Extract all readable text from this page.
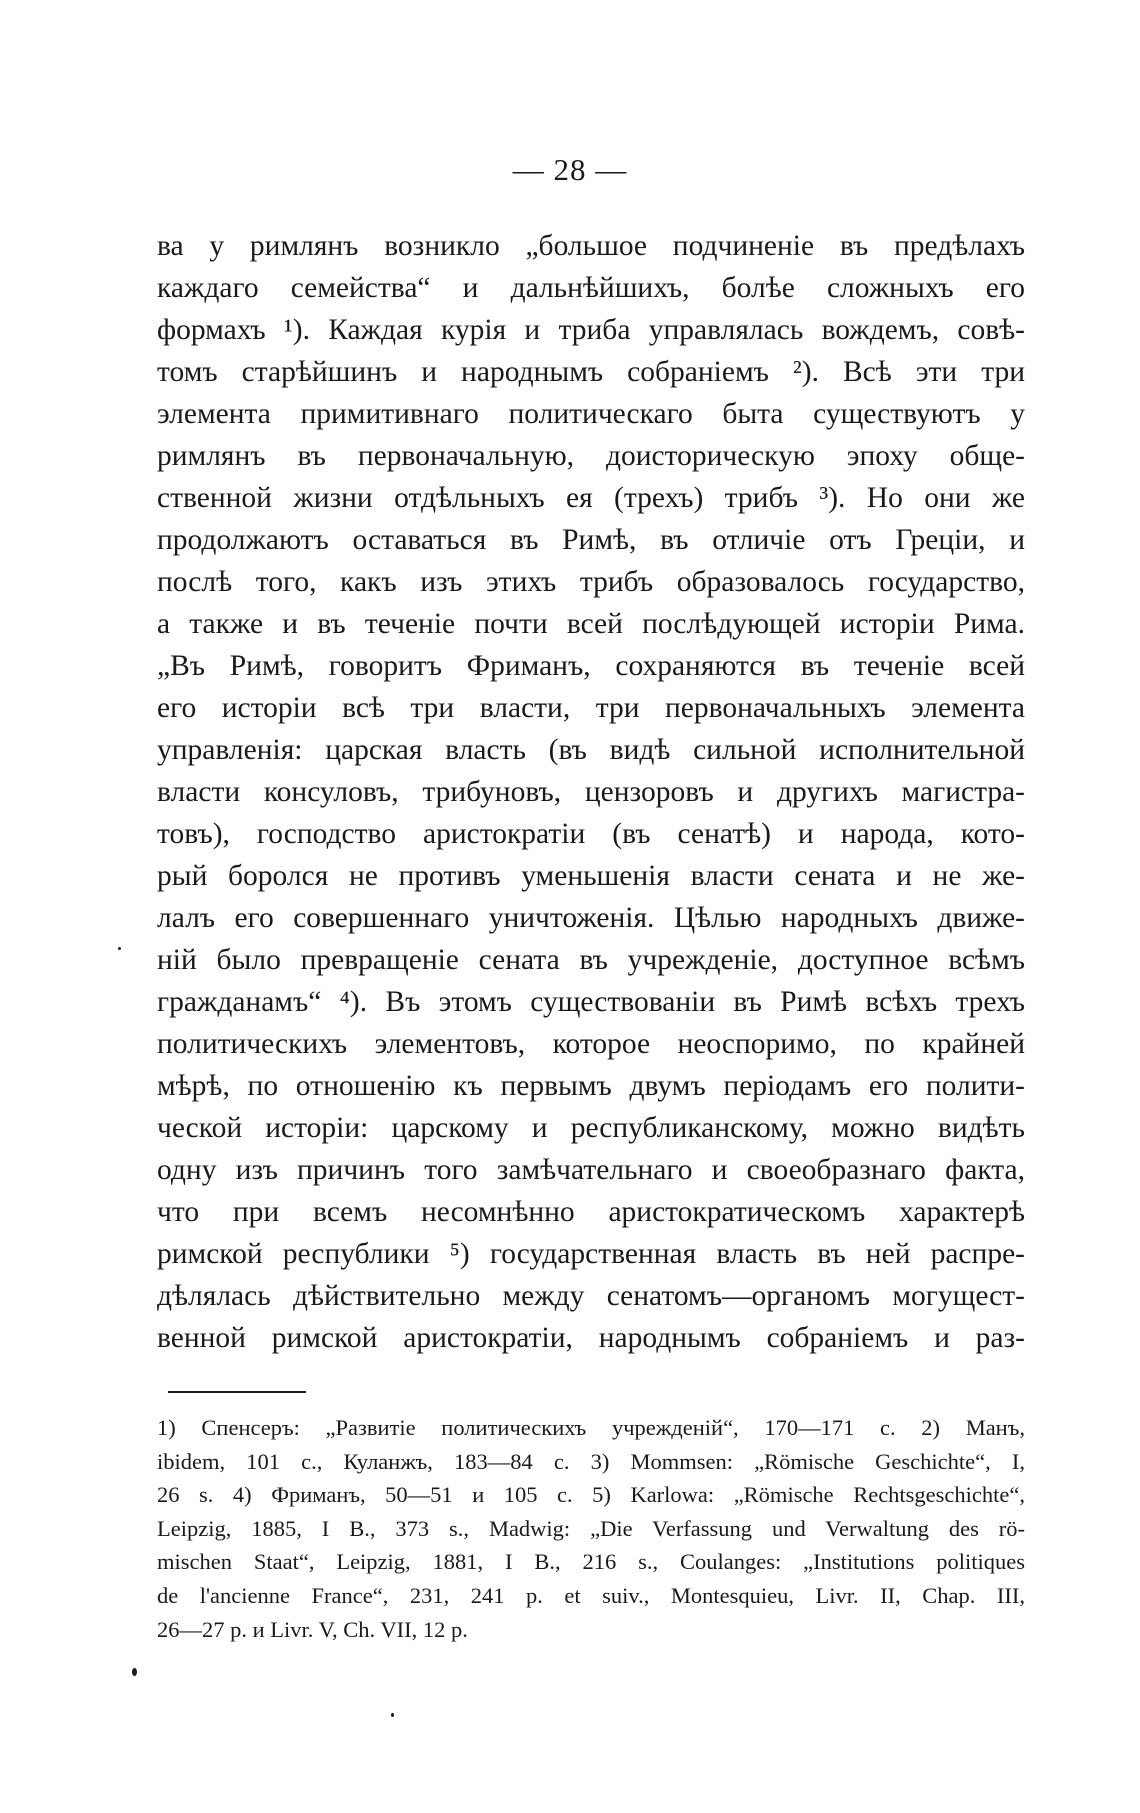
— 28 —
ва у римлянъ возникло „большое подчиненіе въ предѣлахъ
каждаго семейства“ и дальнѣйшихъ, болѣе сложныхъ его
формахъ ¹). Каждая курія и триба управлялась вождемъ, совѣ-
томъ старѣйшинъ и народнымъ собраніемъ ²). Всѣ эти три
элемента примитивнаго политическаго быта существуютъ у
римлянъ въ первоначальную, доисторическую эпоху обще-
ственной жизни отдѣльныхъ ея (трехъ) трибъ ³). Но они же
продолжаютъ оставаться въ Римѣ, въ отличіе отъ Греціи, и
послѣ того, какъ изъ этихъ трибъ образовалось государство,
а также и въ теченіе почти всей послѣдующей исторіи Рима.
„Въ Римѣ, говоритъ Фриманъ, сохраняются въ теченіе всей
его исторіи всѣ три власти, три первоначальныхъ элемента
управленія: царская власть (въ видѣ сильной исполнительной
власти консуловъ, трибуновъ, цензоровъ и другихъ магистра-
товъ), господство аристократіи (въ сенатѣ) и народа, кото-
рый боролся не противъ уменьшенія власти сената и не же-
лалъ его совершеннаго уничтоженія. Цѣлью народныхъ движе-
ній было превращеніе сената въ учрежденіе, доступное всѣмъ
гражданамъ“ ⁴). Въ этомъ существованіи въ Римѣ всѣхъ трехъ
политическихъ элементовъ, которое неоспоримо, по крайней
мѣрѣ, по отношенію къ первымъ двумъ періодамъ его полити-
ческой исторіи: царскому и республиканскому, можно видѣть
одну изъ причинъ того замѣчательнаго и своеобразнаго факта,
что при всемъ несомнѣнно аристократическомъ характерѣ
римской республики ⁵) государственная власть въ ней распре-
дѣлялась дѣйствительно между сенатомъ—органомъ могущест-
венной римской аристократіи, народнымъ собраніемъ и раз-
1) Спенсеръ: „Развитіе политическихъ учрежденій“, 170—171 с. 2) Манъ,
ibidem, 101 с., Куланжъ, 183—84 с. 3) Mommsen: „Römische Geschichte“, I,
26 s. 4) Фриманъ, 50—51 и 105 с. 5) Karlowa: „Römische Rechtsgeschichte“,
Leipzig, 1885, I B., 373 s., Madwig: „Die Verfassung und Verwaltung des rö-
mischen Staat“, Leipzig, 1881, I B., 216 s., Coulanges: „Institutions politiques
de l'ancienne France“, 231, 241 p. et suiv., Montesquieu, Livr. II, Chap. III,
26—27 p. и Livr. V, Ch. VII, 12 p.
